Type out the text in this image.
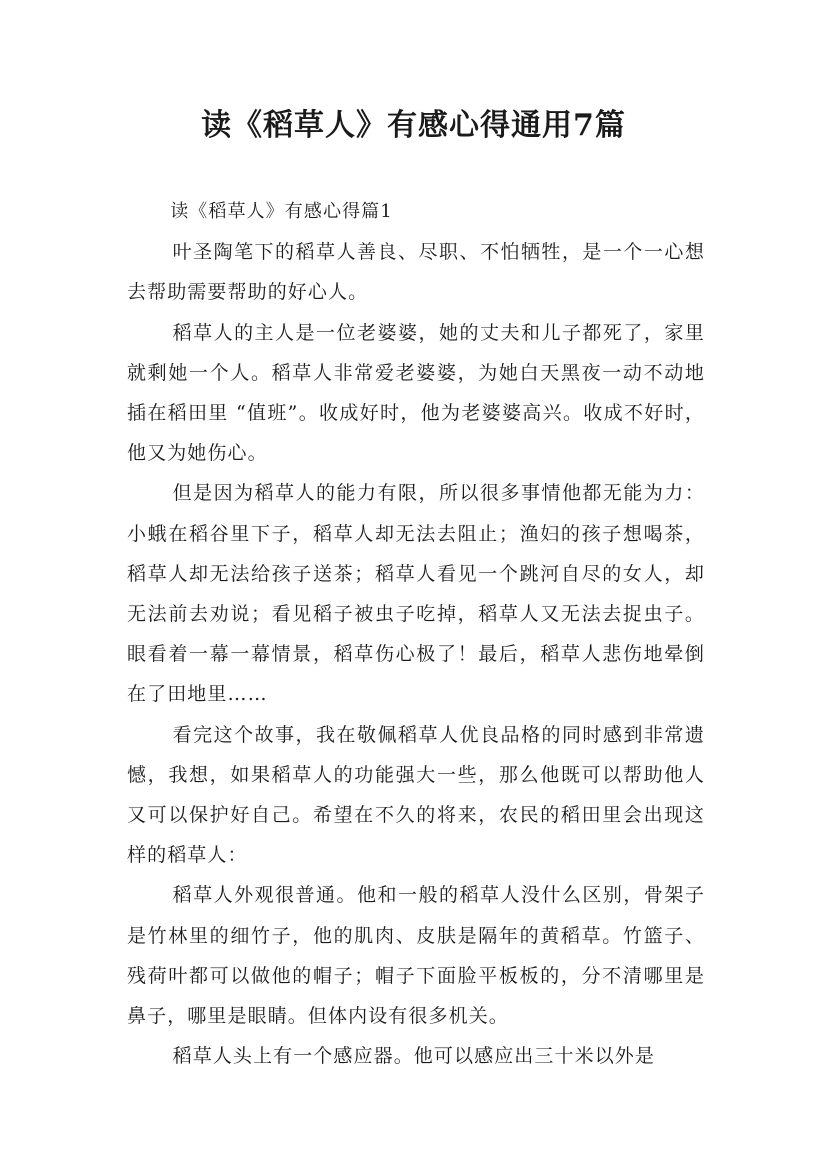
读《稻草人》有感心得通用7篇

读《稻草人》有感心得篇1

叶圣陶笔下的稻草人善良、尽职、不怕牺牲，是一个一心想去帮助需要帮助的好心人。

稻草人的主人是一位老婆婆，她的丈夫和儿子都死了，家里就剩她一个人。稻草人非常爱老婆婆，为她白天黑夜一动不动地插在稻田里 “值班”。收成好时，他为老婆婆高兴。收成不好时，他又为她伤心。

但是因为稻草人的能力有限，所以很多事情他都无能为力：小蛾在稻谷里下子，稻草人却无法去阻止；渔妇的孩子想喝茶，稻草人却无法给孩子送茶；稻草人看见一个跳河自尽的女人，却无法前去劝说；看见稻子被虫子吃掉，稻草人又无法去捉虫子。眼看着一幕一幕情景，稻草伤心极了！最后，稻草人悲伤地晕倒在了田地里……

看完这个故事，我在敬佩稻草人优良品格的同时感到非常遗憾，我想，如果稻草人的功能强大一些，那么他既可以帮助他人又可以保护好自己。希望在不久的将来，农民的稻田里会出现这样的稻草人：

稻草人外观很普通。他和一般的稻草人没什么区别，骨架子是竹林里的细竹子，他的肌肉、皮肤是隔年的黄稻草。竹篮子、残荷叶都可以做他的帽子；帽子下面脸平板板的，分不清哪里是鼻子，哪里是眼睛。但体内设有很多机关。

稻草人头上有一个感应器。他可以感应出三十米以外是
